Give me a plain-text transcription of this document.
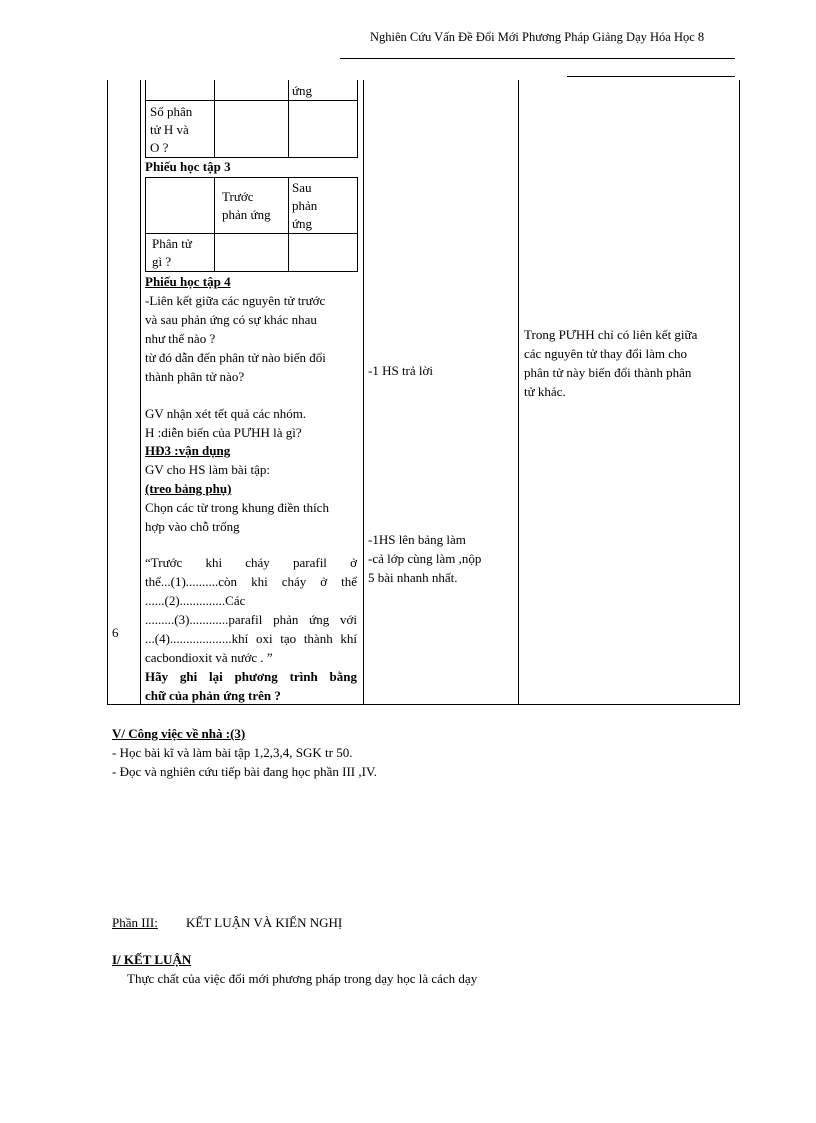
Nghiên Cứu Vấn Đề Đổi Mới Phương Pháp Giảng Dạy Hóa Học 8
ứng
Số phân
tử H và
O ?
Phiếu học tập 3
Trước
phản ứng
Sau
phản
ứng
Phân tử
gì ?
Phiếu học tập 4
-Liên kết giữa các nguyên tử trước
và sau phản ứng có sự khác nhau
như thế nào ?
từ đó dẫn đến phân tử nào biến đổi
thành phân tử nào?
GV nhận xét tết quả các nhóm.
H :diễn biến của PƯHH là gì?
HĐ3 :vận dụng
GV cho HS làm bài tập:
(treo bảng phụ)
Chọn các từ trong khung điền thích
hợp vào chỗ trống
“Trước khi cháy parafil ở
thể...(1)..........còn khi cháy ở thể
......(2)..............Các
.........(3)............parafil phản ứng với
...(4)...................khí oxi tạo thành khí
cacbondioxit và nước . ”
Hãy ghi lại phương trình bằng
chữ của phản ứng trên ?
6
-1 HS trả lời
-1HS lên bảng làm
-cả lớp cùng làm ,nộp
5 bài nhanh nhất.
Trong PƯHH chỉ có liên kết giữa
các nguyên tử thay đổi làm cho
phân tử này biến đổi thành phân
tử khác.
V/ Công việc về nhà :(3)
- Học bài kĩ và làm bài tập 1,2,3,4, SGK tr 50.
- Đọc và nghiên cứu tiếp bài đang học phần III ,IV.
Phần III: KẾT LUẬN VÀ KIẾN NGHỊ
I/ KẾT LUẬN
Thực chất của việc đổi mới phương pháp trong dạy học là cách dạy
